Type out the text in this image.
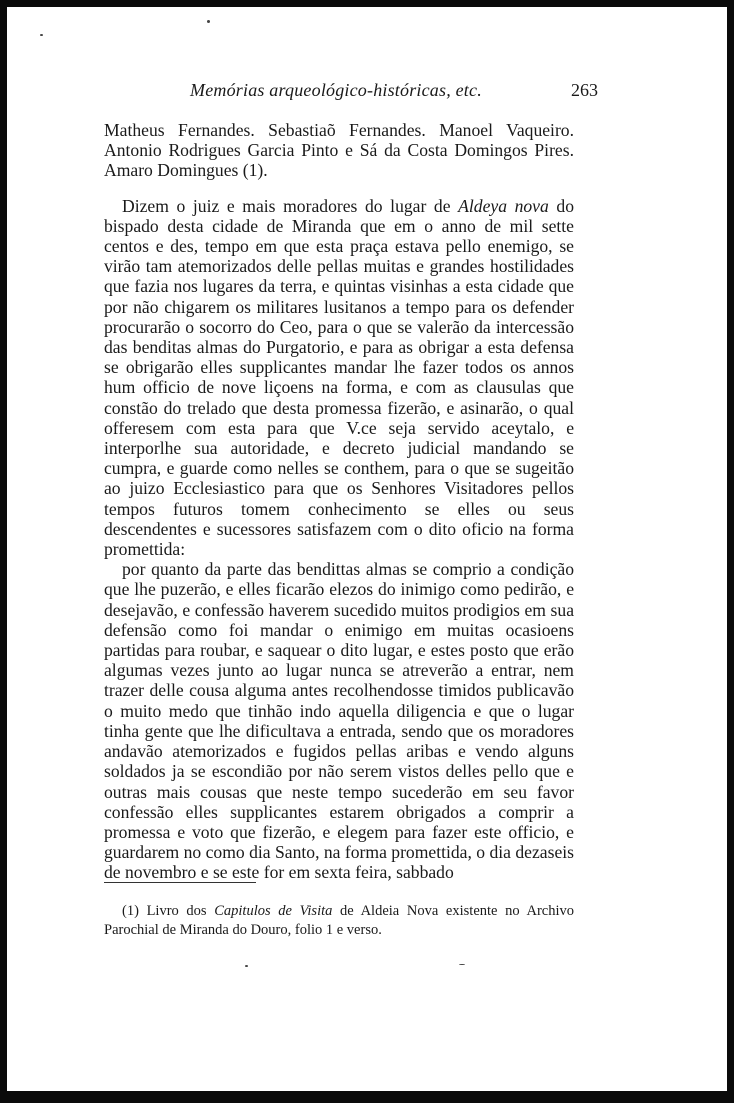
Memórias arqueológico-históricas, etc.	263

Matheus Fernandes. Sebastiaõ Fernandes. Manoel Vaqueiro. Antonio Rodrigues Garcia Pinto e Sá da Costa Domingos Pires. Amaro Domingues (1).

Dizem o juiz e mais moradores do lugar de Aldeya nova do bispado desta cidade de Miranda que em o anno de mil sette centos e des, tempo em que esta praça estava pello enemigo, se virão tam atemorizados delle pellas muitas e grandes hostilidades que fazia nos lugares da terra, e quintas visinhas a esta cidade que por não chigarem os militares lusitanos a tempo para os defender procurarão o socorro do Ceo, para o que se valerão da intercessão das benditas almas do Purgatorio, e para as obrigar a esta defensa se obrigarão elles supplicantes mandar lhe fazer todos os annos hum officio de nove liçoens na forma, e com as clausulas que constão do trelado que desta promessa fizerão, e asinarão, o qual offeresem com esta para que V.ce seja servido aceytalo, e interporlhe sua autoridade, e decreto judicial mandando se cumpra, e guarde como nelles se conthem, para o que se sugeitão ao juizo Ecclesiastico para que os Senhores Visitadores pellos tempos futuros tomem conhecimento se elles ou seus descendentes e sucessores satisfazem com o dito oficio na forma promettida:

por quanto da parte das bendittas almas se comprio a condição que lhe puzerão, e elles ficarão elezos do inimigo como pedirão, e desejavão, e confessão haverem sucedido muitos prodigios em sua defensão como foi mandar o enimigo em muitas ocasioens partidas para roubar, e saquear o dito lugar, e estes posto que erão algumas vezes junto ao lugar nunca se atreverão a entrar, nem trazer delle cousa alguma antes recolhendosse timidos publicavão o muito medo que tinhão indo aquella diligencia e que o lugar tinha gente que lhe dificultava a entrada, sendo que os moradores andavão atemorizados e fugidos pellas aribas e vendo alguns soldados ja se escondião por não serem vistos delles pello que e outras mais cousas que neste tempo sucederão em seu favor confessão elles supplicantes estarem obrigados a comprir a promessa e voto que fizerão, e elegem para fazer este officio, e guardarem no como dia Santo, na forma promettida, o dia dezaseis de novembro e se este for em sexta feira, sabbado

(1) Livro dos Capitulos de Visita de Aldeia Nova existente no Archivo Parochial de Miranda do Douro, folio 1 e verso.
